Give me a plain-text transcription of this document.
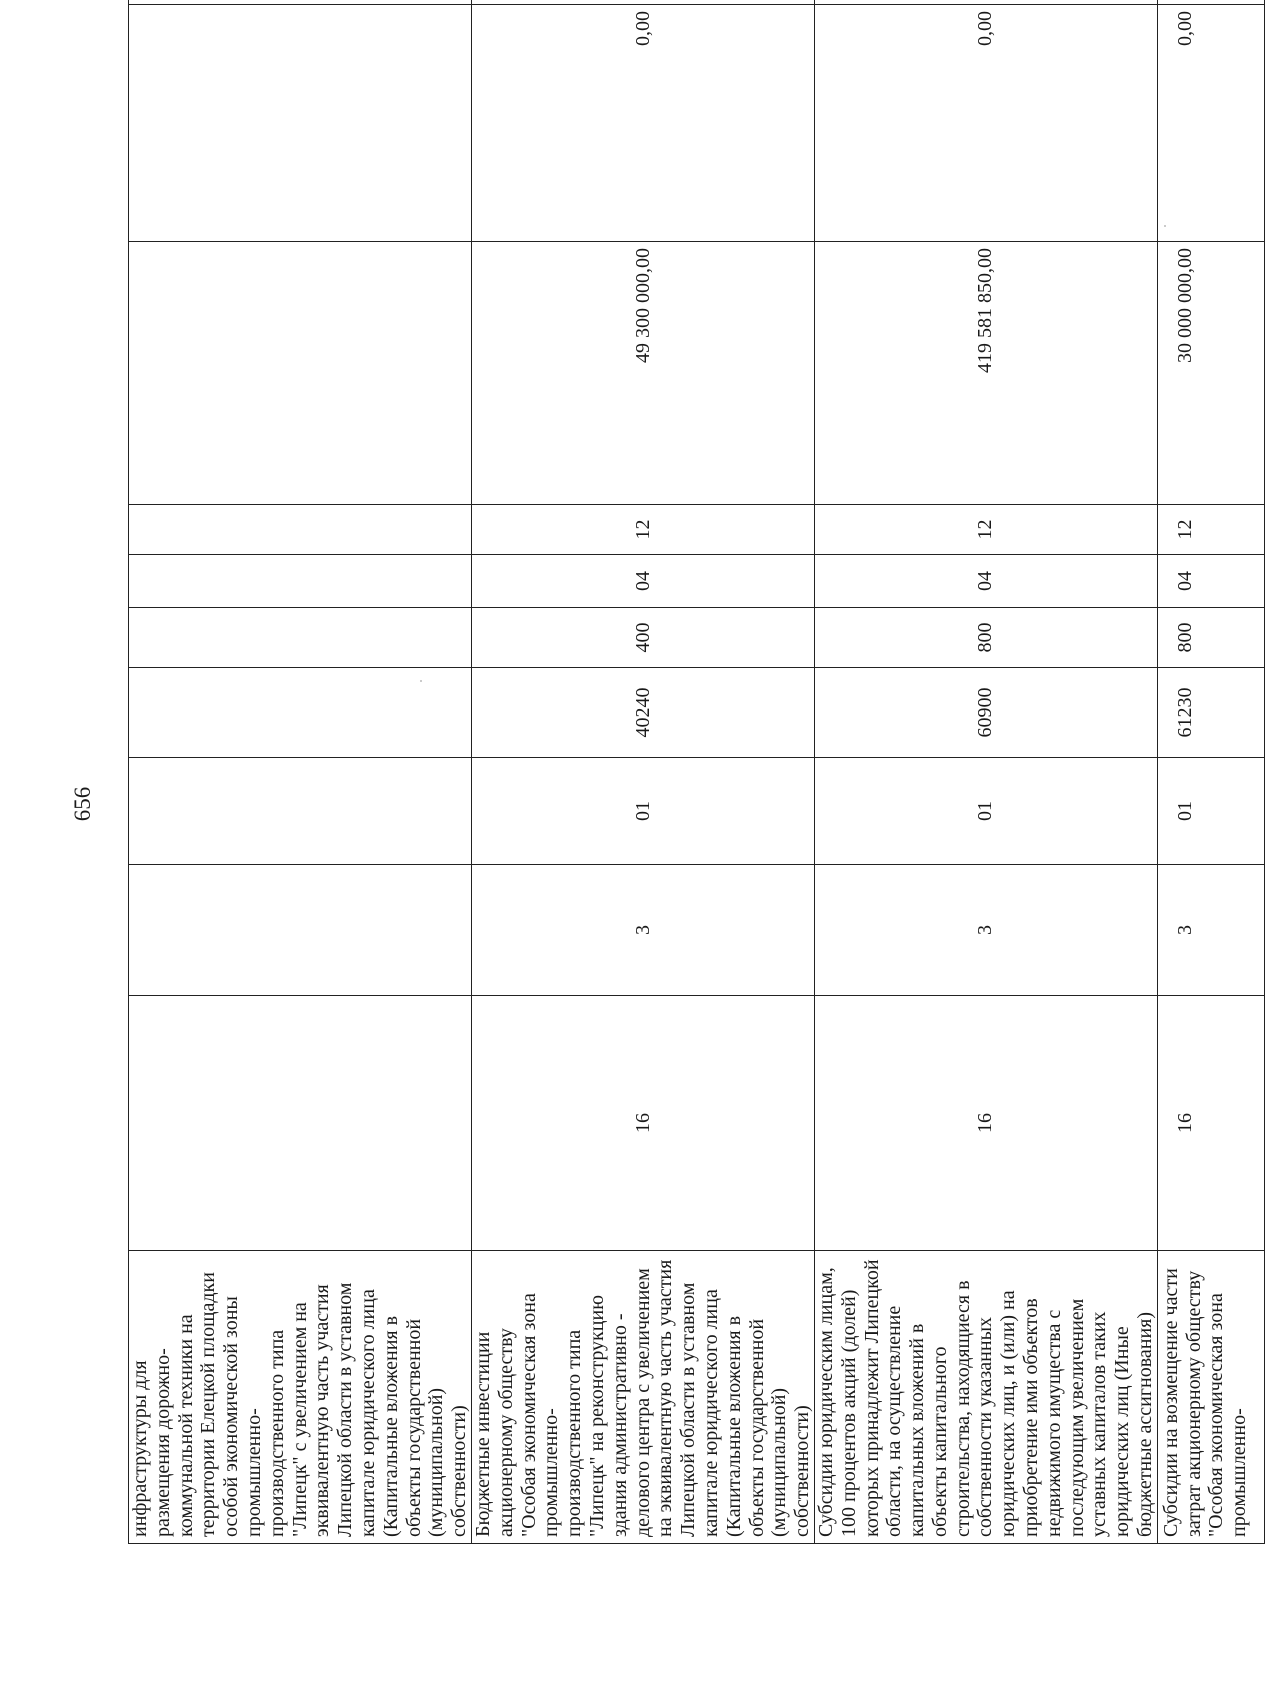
656
инфраструктуры для размещения дорожно-коммунальной техники на территории Елецкой площадки особой экономической зоны промышленно-производственного типа "Липецк" с увеличением на эквивалентную часть участия Липецкой области в уставном капитале юридического лица (Капитальные вложения в объекты государственной (муниципальной) собственности)										
Бюджетные инвестиции акционерному обществу "Особая экономическая зона промышленно-производственного типа "Липецк" на реконструкцию здания административно - делового центра с увеличением на эквивалентную часть участия Липецкой области в уставном капитале юридического лица (Капитальные вложения в объекты государственной (муниципальной) собственности)	16	3	01	40240	400	04	12	49 300 000,00	0,00	
Субсидии юридическим лицам, 100 процентов акций (долей) которых принадлежит Липецкой области, на осуществление капитальных вложений в объекты капитального строительства, находящиеся в собственности указанных юридических лиц, и (или) на приобретение ими объектов недвижимого имущества с последующим увеличением уставных капиталов таких юридических лиц (Иные бюджетные ассигнования)	16	3	01	60900	800	04	12	419 581 850,00	0,00	
Субсидии на возмещение части затрат акционерному обществу "Особая экономическая зона промышленно-	16	3	01	61230	800	04	12	30 000 000,00	0,00	
